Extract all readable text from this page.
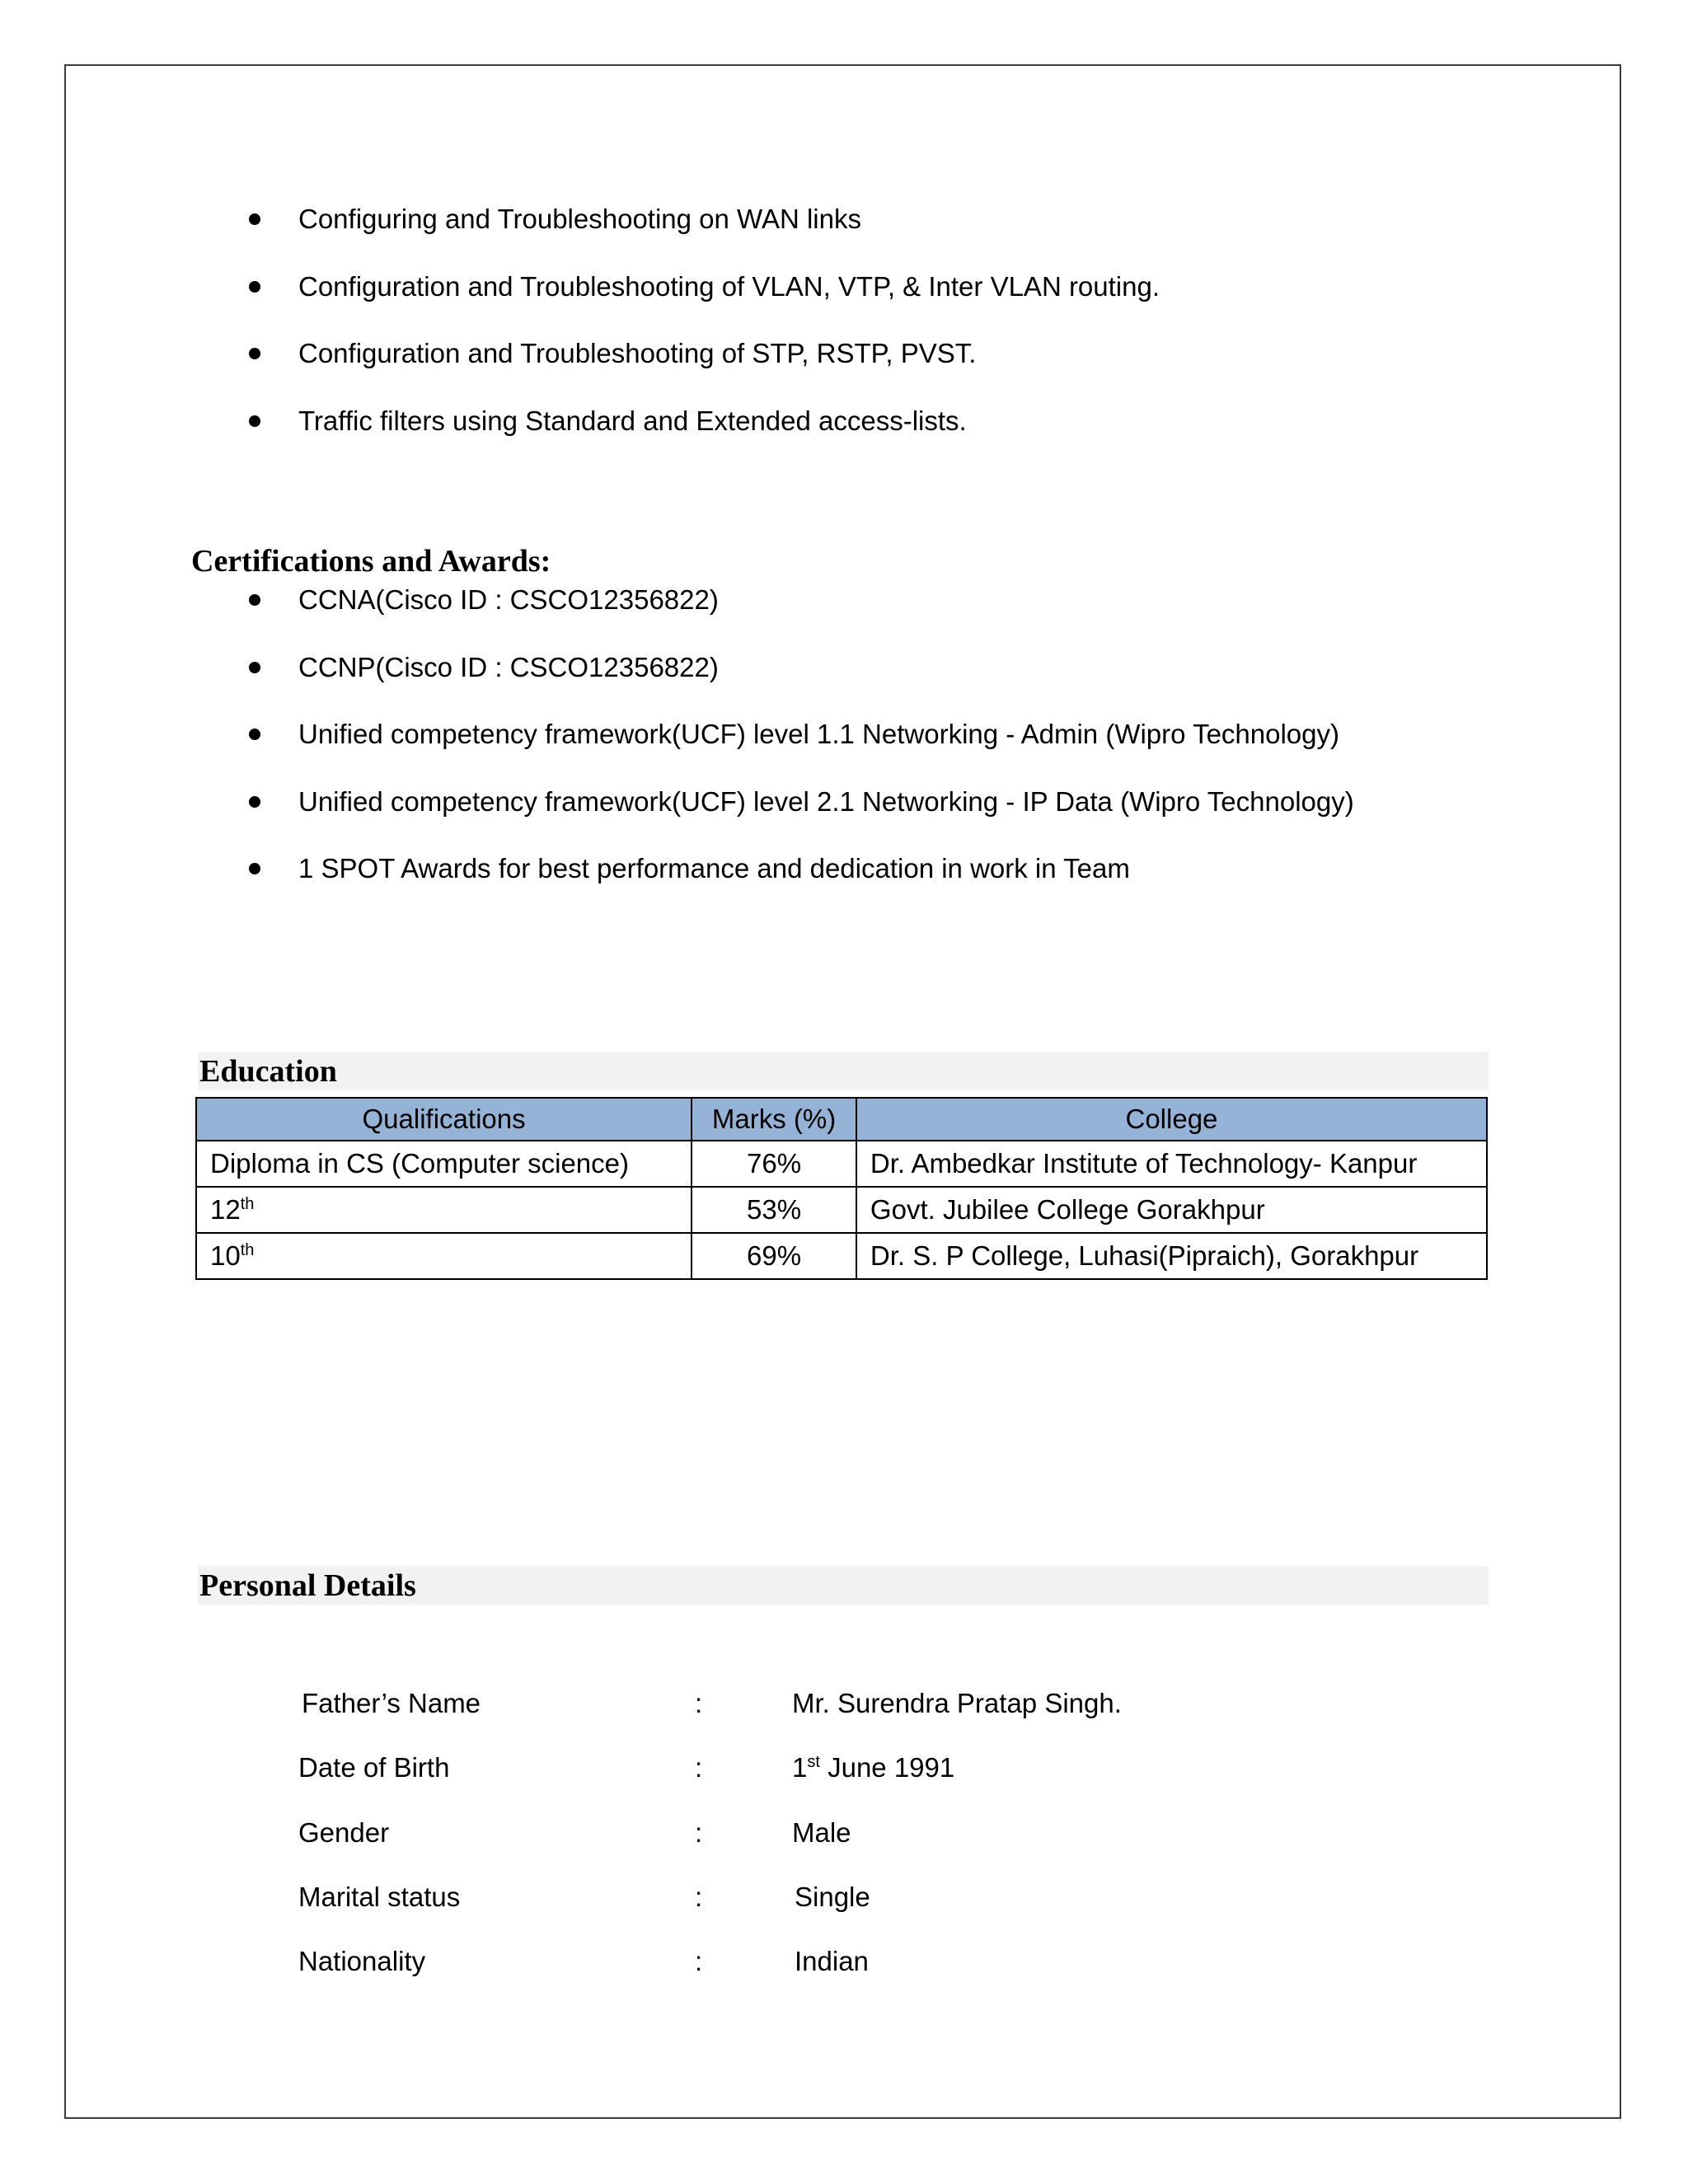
Configuring and Troubleshooting on WAN links
Configuration and Troubleshooting of VLAN, VTP, & Inter VLAN routing.
Configuration and Troubleshooting of STP, RSTP, PVST.
Traffic filters using Standard and Extended access-lists.
Certifications and Awards:
CCNA(Cisco ID : CSCO12356822)
CCNP(Cisco ID : CSCO12356822)
Unified competency framework(UCF) level 1.1 Networking - Admin (Wipro Technology)
Unified competency framework(UCF) level 2.1 Networking - IP Data (Wipro Technology)
1 SPOT Awards for best performance and dedication in work in Team
Education
Qualifications	Marks (%)	College
Diploma in CS (Computer science)	76%	Dr. Ambedkar Institute of Technology- Kanpur
12th	53%	Govt. Jubilee College Gorakhpur
10th	69%	Dr. S. P College, Luhasi(Pipraich), Gorakhpur
Personal Details
Father’s Name	:	Mr. Surendra Pratap Singh.
Date of Birth	:	1st June 1991
Gender	:	Male
Marital status	:	Single
Nationality	:	Indian
